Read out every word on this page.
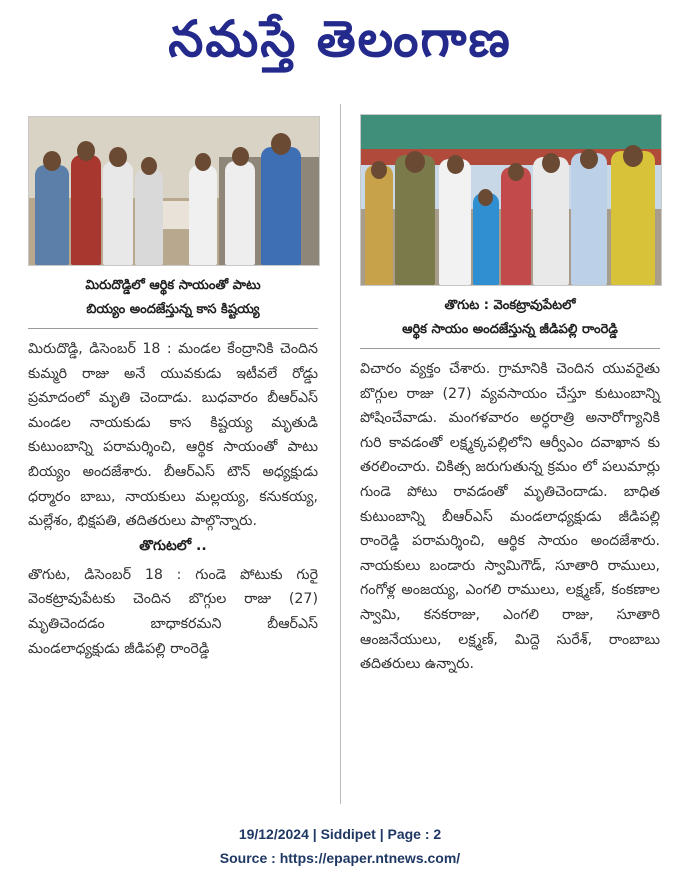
నమస్తే తెలంగాణ
మిరుదొడ్డిలో ఆర్థిక సాయంతో పాటు
బియ్యం అందజేస్తున్న కాస కిష్టయ్య

మిరుదొడ్డి, డిసెంబర్ 18 : మండల కేంద్రానికి చెందిన కుమ్మరి రాజు అనే యువకుడు ఇటీవలే రోడ్డు ప్రమాదంలో మృతి చెందాడు. బుధవారం బీఆర్ఎస్ మండల నాయకుడు కాస కిష్టయ్య మృతుడి కుటుంబాన్ని పరామర్శించి, ఆర్థిక సాయంతో పాటు బియ్యం అందజేశారు. బీఆర్ఎస్ టౌన్ అధ్యక్షుడు ధర్మారం బాబు, నాయకులు మల్లయ్య, కనుకయ్య, మల్లేశం, భిక్షపతి, తదితరులు పాల్గొన్నారు.

తొగుటలో ..

తొగుట, డిసెంబర్ 18 : గుండె పోటుకు గురై వెంకట్రావుపేటకు చెందిన బొగ్గుల రాజు (27) మృతిచెందడం బాధాకరమని బీఆర్ఎస్ మండలాధ్యక్షుడు జీడిపల్లి రాంరెడ్డి

తొగుట : వెంకట్రావుపేటలో
ఆర్థిక సాయం అందజేస్తున్న జీడిపల్లి రాంరెడ్డి

విచారం వ్యక్తం చేశారు. గ్రామానికి చెందిన యువరైతు బొగ్గుల రాజు (27) వ్యవసాయం చేస్తూ కుటుంబాన్ని పోషించేవాడు. మంగళవారం అర్ధరాత్రి అనారోగ్యానికి గురి కావడంతో లక్ష్మక్కపల్లిలోని ఆర్వీఎం దవాఖాన కు తరలించారు. చికిత్స జరుగుతున్న క్రమం లో పలుమార్లు గుండె పోటు రావడంతో మృతిచెందాడు. బాధిత కుటుంబాన్ని బీఆర్ఎస్ మండలాధ్యక్షుడు జీడిపల్లి రాంరెడ్డి పరామర్శించి, ఆర్థిక సాయం అందజేశారు. నాయకులు బండారు స్వామిగౌడ్, సూతారి రాములు, గంగోళ్ల అంజయ్య, ఎంగలి రాములు, లక్ష్మణ్, కంకణాల స్వామి, కనకరాజు, ఎంగలి రాజు, సూతారి ఆంజనేయులు, లక్ష్మణ్, మిద్దె సురేశ్, రాంబాబు తదితరులు ఉన్నారు.

19/12/2024 | Siddipet | Page : 2
Source : https://epaper.ntnews.com/
